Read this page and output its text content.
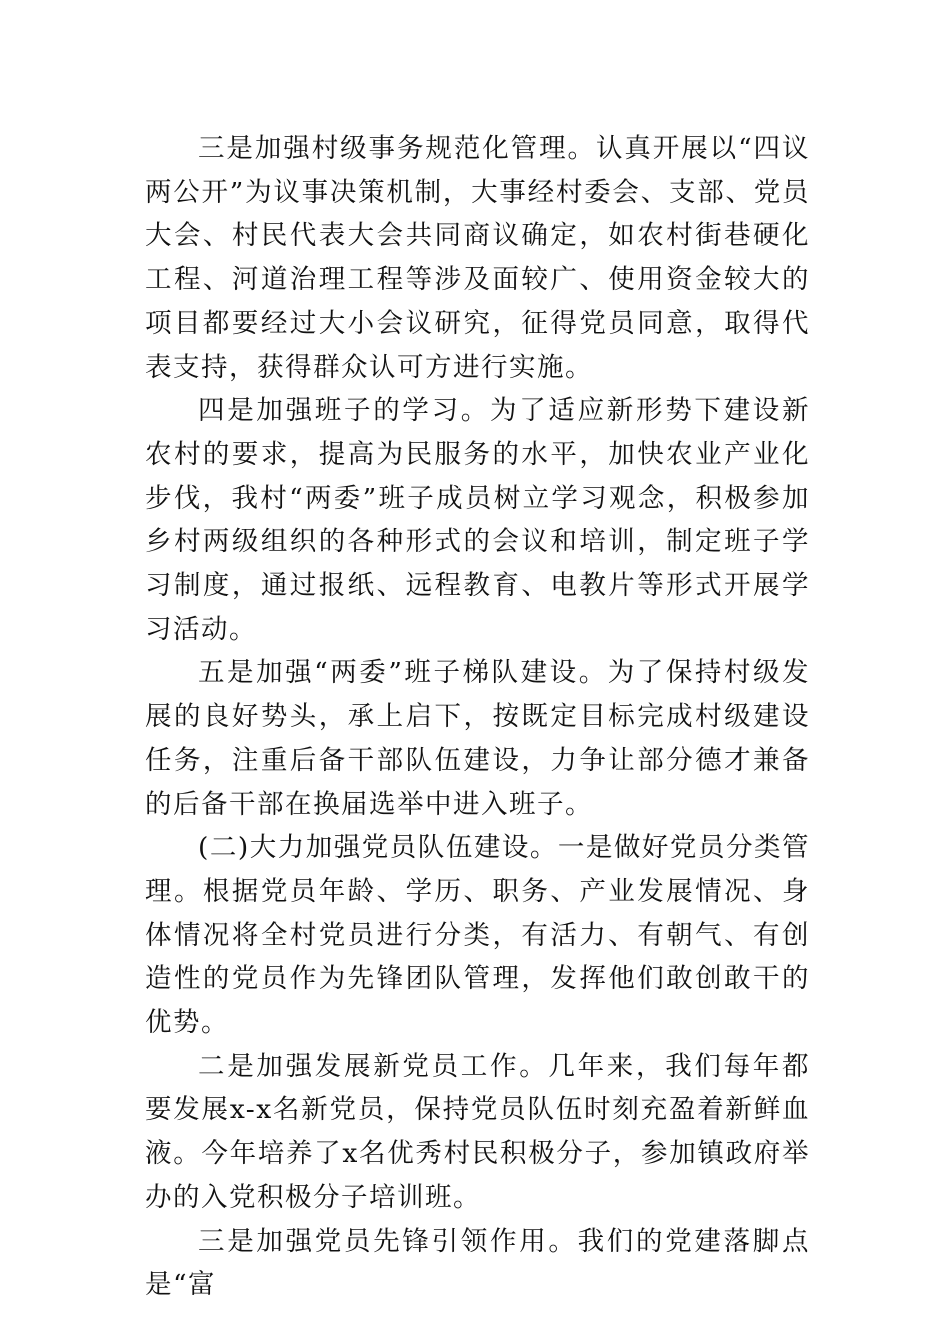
三是加强村级事务规范化管理。认真开展以“四议两公开”为议事决策机制，大事经村委会、支部、党员大会、村民代表大会共同商议确定，如农村街巷硬化工程、河道治理工程等涉及面较广、使用资金较大的项目都要经过大小会议研究，征得党员同意，取得代表支持，获得群众认可方进行实施。

四是加强班子的学习。为了适应新形势下建设新农村的要求，提高为民服务的水平，加快农业产业化步伐，我村“两委”班子成员树立学习观念，积极参加乡村两级组织的各种形式的会议和培训，制定班子学习制度，通过报纸、远程教育、电教片等形式开展学习活动。

五是加强“两委”班子梯队建设。为了保持村级发展的良好势头，承上启下，按既定目标完成村级建设任务，注重后备干部队伍建设，力争让部分德才兼备的后备干部在换届选举中进入班子。

(二)大力加强党员队伍建设。一是做好党员分类管理。根据党员年龄、学历、职务、产业发展情况、身体情况将全村党员进行分类，有活力、有朝气、有创造性的党员作为先锋团队管理，发挥他们敢创敢干的优势。

二是加强发展新党员工作。几年来，我们每年都要发展x-x名新党员，保持党员队伍时刻充盈着新鲜血液。今年培养了x名优秀村民积极分子，参加镇政府举办的入党积极分子培训班。

三是加强党员先锋引领作用。我们的党建落脚点是“富
